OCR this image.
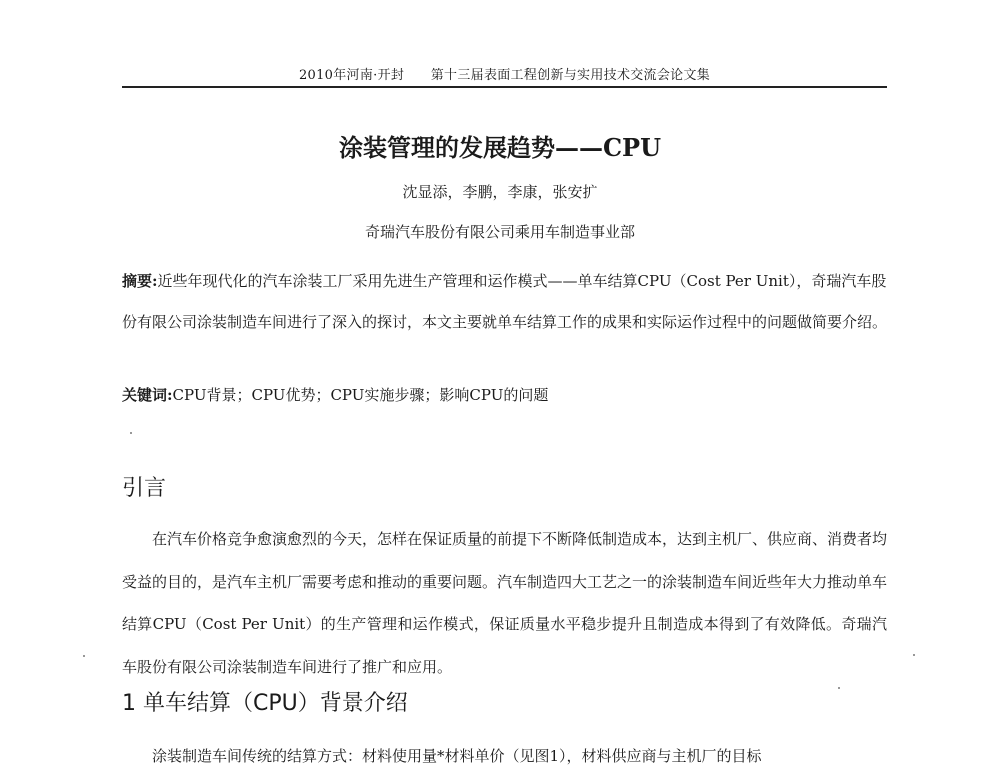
2010年河南·开封　　第十三届表面工程创新与实用技术交流会论文集
涂装管理的发展趋势——CPU
沈显添，李鹏，李康，张安扩
奇瑞汽车股份有限公司乘用车制造事业部
摘要:近些年现代化的汽车涂装工厂采用先进生产管理和运作模式——单车结算CPU（Cost Per Unit），奇瑞汽车股份有限公司涂装制造车间进行了深入的探讨，本文主要就单车结算工作的成果和实际运作过程中的问题做简要介绍。
关键词:CPU背景；CPU优势；CPU实施步骤；影响CPU的问题
引言
在汽车价格竞争愈演愈烈的今天，怎样在保证质量的前提下不断降低制造成本，达到主机厂、供应商、消费者均受益的目的，是汽车主机厂需要考虑和推动的重要问题。汽车制造四大工艺之一的涂装制造车间近些年大力推动单车结算CPU（Cost Per Unit）的生产管理和运作模式，保证质量水平稳步提升且制造成本得到了有效降低。奇瑞汽车股份有限公司涂装制造车间进行了推广和应用。
1 单车结算（CPU）背景介绍
涂装制造车间传统的结算方式：材料使用量*材料单价（见图1），材料供应商与主机厂的目标
